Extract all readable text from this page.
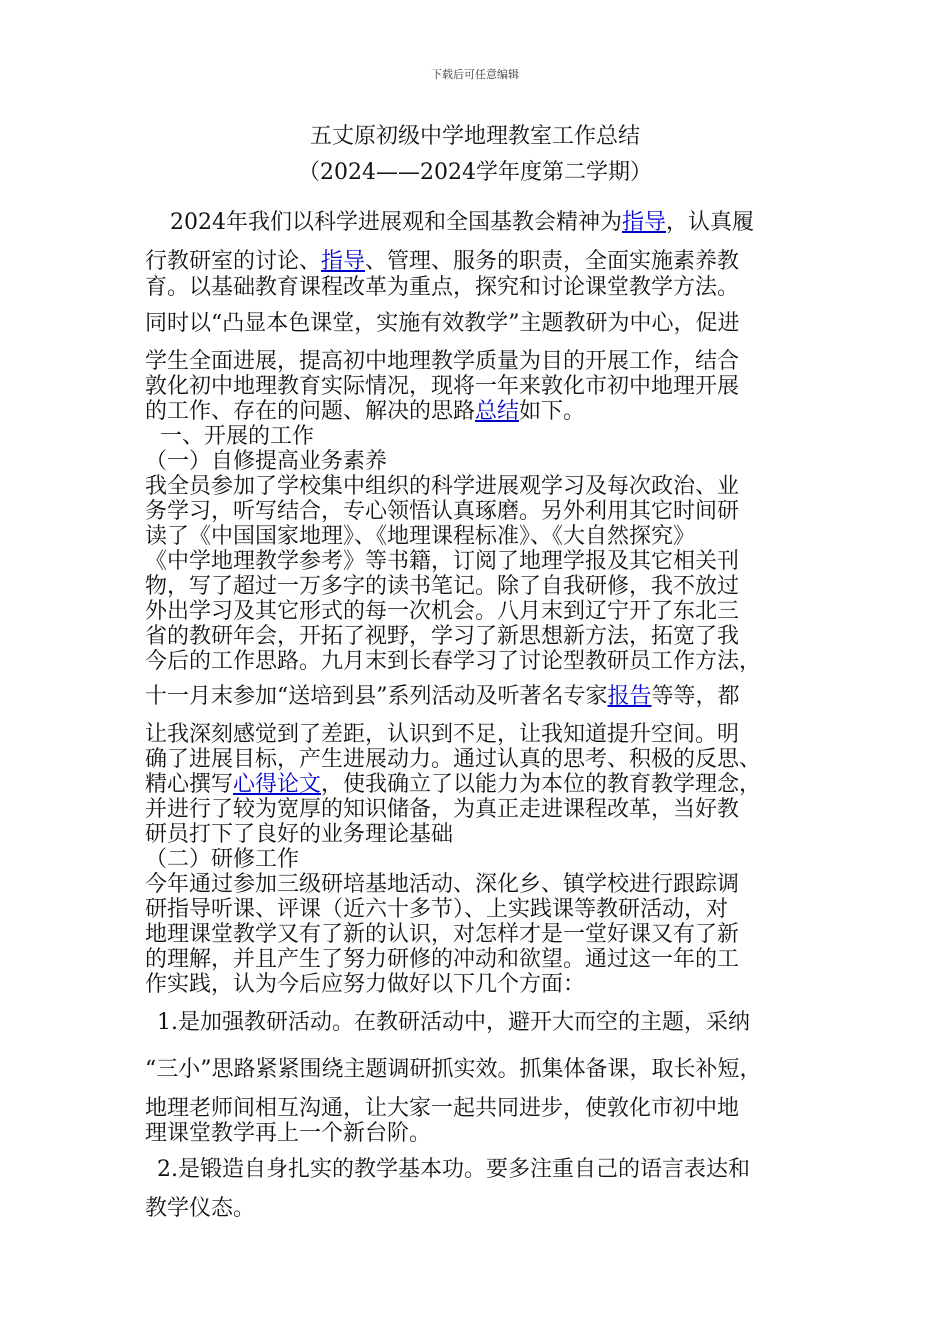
下载后可任意编辑
五丈原初级中学地理教室工作总结
（2024——2024学年度第二学期）
2024年我们以科学进展观和全国基教会精神为指导，认真履
行教研室的讨论、指导、管理、服务的职责，全面实施素养教
育。以基础教育课程改革为重点，探究和讨论课堂教学方法。
同时以“凸显本色课堂，实施有效教学”主题教研为中心，促进
学生全面进展，提高初中地理教学质量为目的开展工作，结合
敦化初中地理教育实际情况，现将一年来敦化市初中地理开展
的工作、存在的问题、解决的思路总结如下。
一、开展的工作
（一）自修提高业务素养
我全员参加了学校集中组织的科学进展观学习及每次政治、业
务学习，听写结合，专心领悟认真琢磨。另外利用其它时间研
读了《中国国家地理》、《地理课程标准》、《大自然探究》
《中学地理教学参考》等书籍，订阅了地理学报及其它相关刊
物，写了超过一万多字的读书笔记。除了自我研修，我不放过
外出学习及其它形式的每一次机会。八月末到辽宁开了东北三
省的教研年会，开拓了视野，学习了新思想新方法，拓宽了我
今后的工作思路。九月末到长春学习了讨论型教研员工作方法，
十一月末参加“送培到县”系列活动及听著名专家报告等等，都
让我深刻感觉到了差距，认识到不足，让我知道提升空间。明
确了进展目标，产生进展动力。通过认真的思考、积极的反思、
精心撰写心得论文，使我确立了以能力为本位的教育教学理念，
并进行了较为宽厚的知识储备，为真正走进课程改革，当好教
研员打下了良好的业务理论基础
（二）研修工作
今年通过参加三级研培基地活动、深化乡、镇学校进行跟踪调
研指导听课、评课（近六十多节）、上实践课等教研活动，对
地理课堂教学又有了新的认识，对怎样才是一堂好课又有了新
的理解，并且产生了努力研修的冲动和欲望。通过这一年的工
作实践，认为今后应努力做好以下几个方面：
1.是加强教研活动。在教研活动中，避开大而空的主题，采纳
“三小”思路紧紧围绕主题调研抓实效。抓集体备课，取长补短，
地理老师间相互沟通，让大家一起共同进步，使敦化市初中地
理课堂教学再上一个新台阶。
2.是锻造自身扎实的教学基本功。要多注重自己的语言表达和
教学仪态。
